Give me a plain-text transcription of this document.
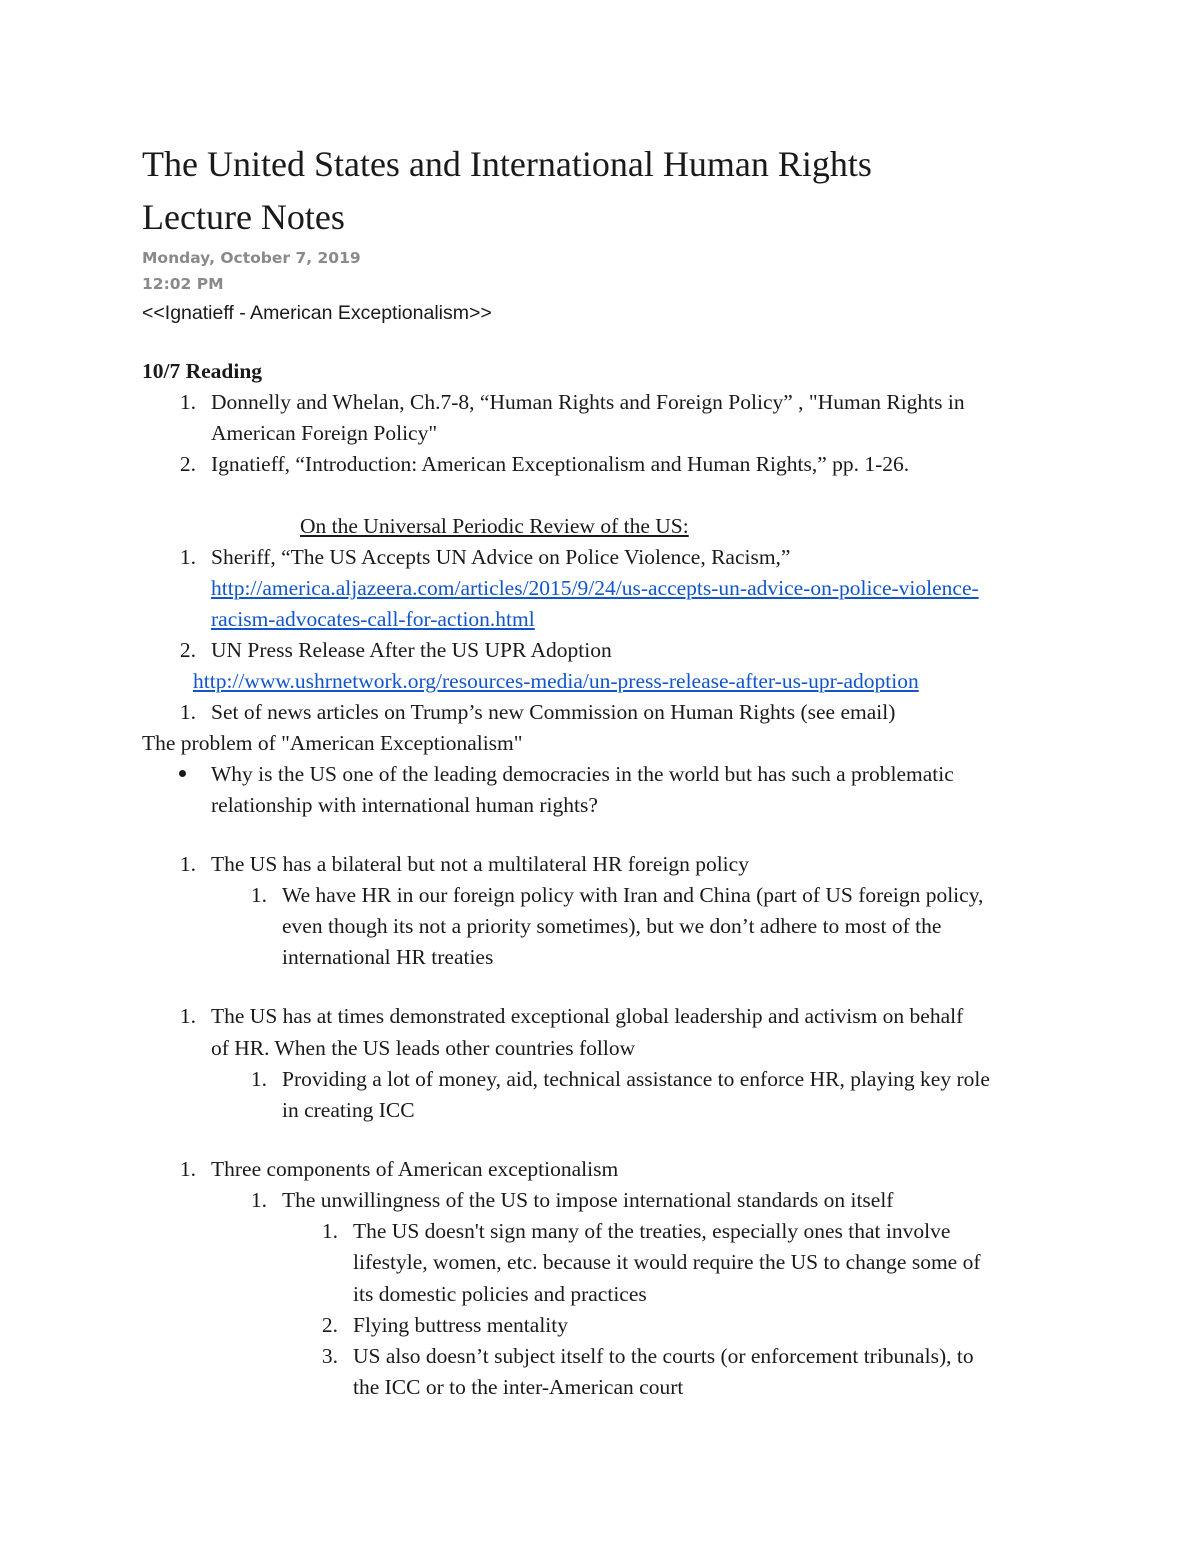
The United States and International Human Rights
Lecture Notes
Monday, October 7, 2019
12:02 PM
<<Ignatieff - American Exceptionalism>>
10/7 Reading
1. Donnelly and Whelan, Ch.7-8, “Human Rights and Foreign Policy” , "Human Rights in
American Foreign Policy"
2. Ignatieff, “Introduction: American Exceptionalism and Human Rights,” pp. 1-26.
On the Universal Periodic Review of the US:
1. Sheriff, “The US Accepts UN Advice on Police Violence, Racism,”
http://america.aljazeera.com/articles/2015/9/24/us-accepts-un-advice-on-police-violence-
racism-advocates-call-for-action.html
2. UN Press Release After the US UPR Adoption
http://www.ushrnetwork.org/resources-media/un-press-release-after-us-upr-adoption
1. Set of news articles on Trump’s new Commission on Human Rights (see email)
The problem of "American Exceptionalism"
Why is the US one of the leading democracies in the world but has such a problematic
relationship with international human rights?
1. The US has a bilateral but not a multilateral HR foreign policy
1. We have HR in our foreign policy with Iran and China (part of US foreign policy,
even though its not a priority sometimes), but we don’t adhere to most of the
international HR treaties
1. The US has at times demonstrated exceptional global leadership and activism on behalf
of HR. When the US leads other countries follow
1. Providing a lot of money, aid, technical assistance to enforce HR, playing key role
in creating ICC
1. Three components of American exceptionalism
1. The unwillingness of the US to impose international standards on itself
1. The US doesn't sign many of the treaties, especially ones that involve
lifestyle, women, etc. because it would require the US to change some of
its domestic policies and practices
2. Flying buttress mentality
3. US also doesn’t subject itself to the courts (or enforcement tribunals), to
the ICC or to the inter-American court
